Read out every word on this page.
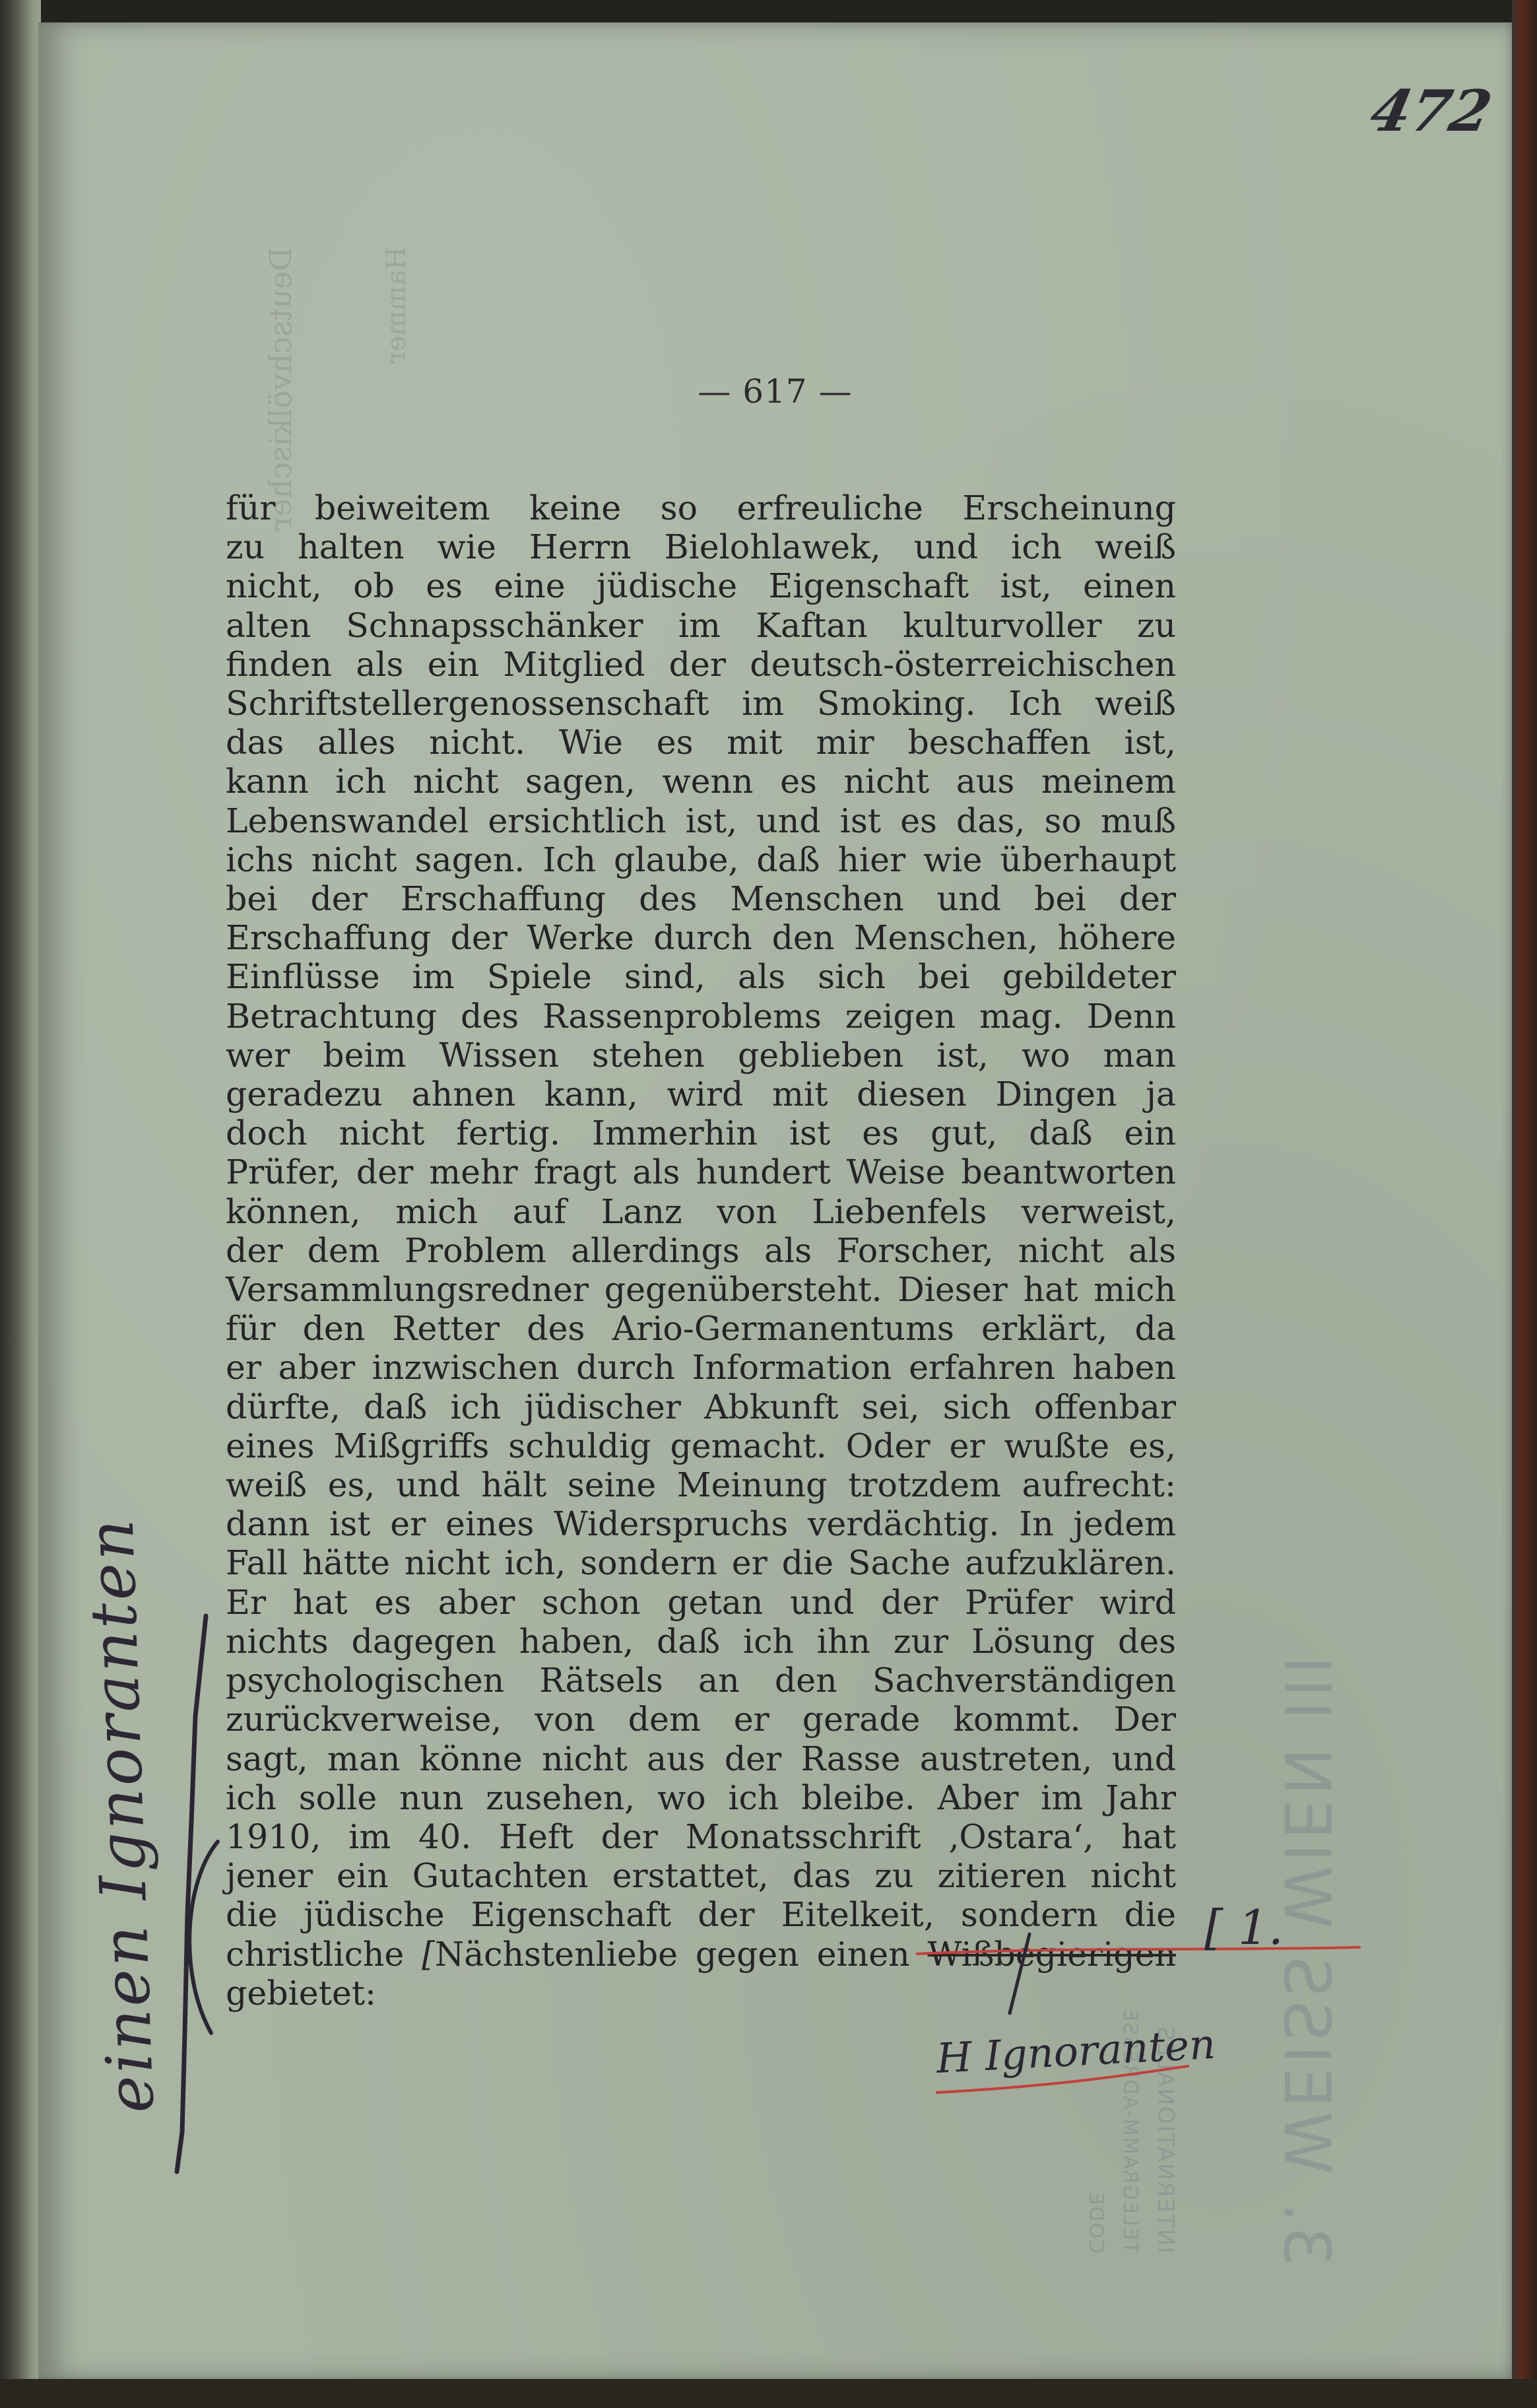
3. WEISS WIEN III
INTERNATIONALES
TELEGRAMM-ADRESSE
CODE
Deutschvölkischer	Hammer
— 617 —
für beiweitem keine so erfreuliche Erscheinung
zu halten wie Herrn Bielohlawek, und ich weiß
nicht, ob es eine jüdische Eigenschaft ist, einen
alten Schnapsschänker im Kaftan kulturvoller zu
finden als ein Mitglied der deutsch-österreichischen
Schriftstellergenossenschaft im Smoking. Ich weiß
das alles nicht. Wie es mit mir beschaffen ist,
kann ich nicht sagen, wenn es nicht aus meinem
Lebenswandel ersichtlich ist, und ist es das, so muß
ichs nicht sagen. Ich glaube, daß hier wie überhaupt
bei der Erschaffung des Menschen und bei der
Erschaffung der Werke durch den Menschen, höhere
Einflüsse im Spiele sind, als sich bei gebildeter
Betrachtung des Rassenproblems zeigen mag. Denn
wer beim Wissen stehen geblieben ist, wo man
geradezu ahnen kann, wird mit diesen Dingen ja
doch nicht fertig. Immerhin ist es gut, daß ein
Prüfer, der mehr fragt als hundert Weise beantworten
können, mich auf Lanz von Liebenfels verweist,
der dem Problem allerdings als Forscher, nicht als
Versammlungsredner gegenübersteht. Dieser hat mich
für den Retter des Ario-Germanentums erklärt, da
er aber inzwischen durch Information erfahren haben
dürfte, daß ich jüdischer Abkunft sei, sich offenbar
eines Mißgriffs schuldig gemacht. Oder er wußte es,
weiß es, und hält seine Meinung trotzdem aufrecht:
dann ist er eines Widerspruchs verdächtig. In jedem
Fall hätte nicht ich, sondern er die Sache aufzuklären.
Er hat es aber schon getan und der Prüfer wird
nichts dagegen haben, daß ich ihn zur Lösung des
psychologischen Rätsels an den Sachverständigen
zurückverweise, von dem er gerade kommt. Der
sagt, man könne nicht aus der Rasse austreten, und
ich solle nun zusehen, wo ich bleibe. Aber im Jahr
1910, im 40. Heft der Monatsschrift ‚Ostara‘, hat
jener ein Gutachten erstattet, das zu zitieren nicht
die jüdische Eigenschaft der Eitelkeit, sondern die
christliche [Nächstenliebe gegen einen Wißbegierigen
gebietet:
472
einen Ignoranten	H Ignoranten
[ 1.
